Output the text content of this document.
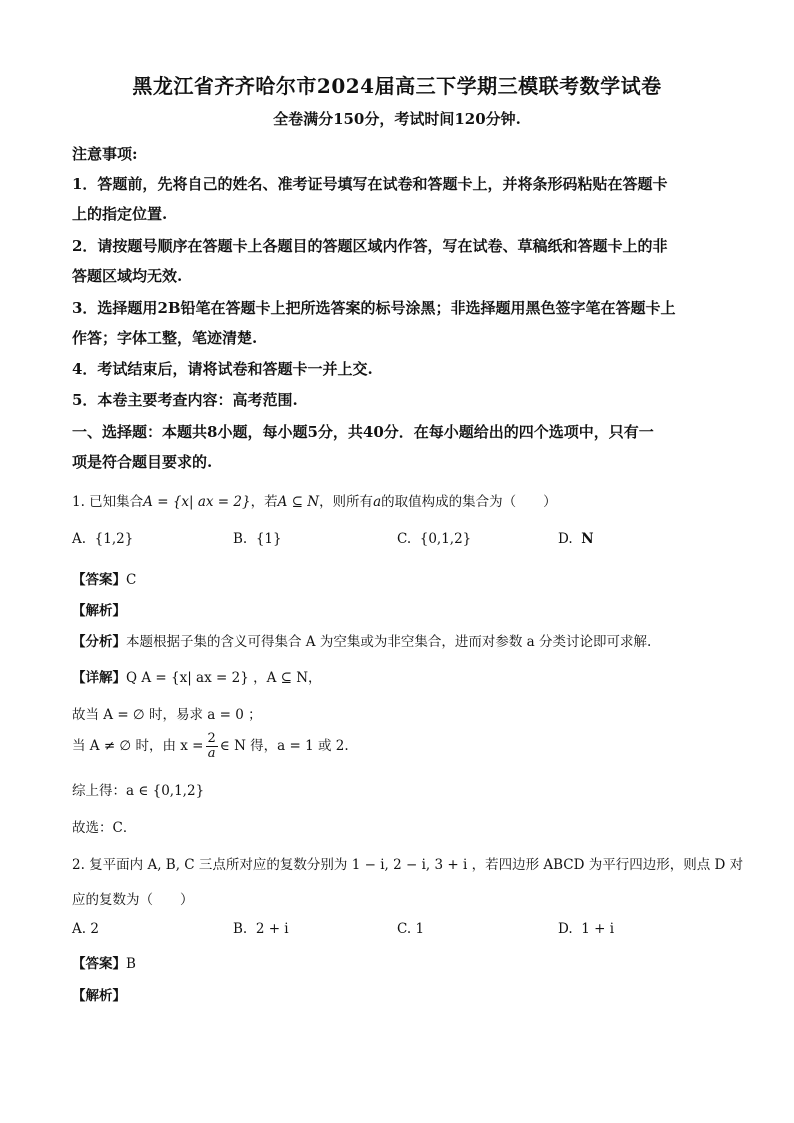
黑龙江省齐齐哈尔市2024届高三下学期三模联考数学试卷
全卷满分150分，考试时间120分钟.
注意事项:
1．答题前，先将自己的姓名、准考证号填写在试卷和答题卡上，并将条形码粘贴在答题卡
上的指定位置.
2．请按题号顺序在答题卡上各题目的答题区域内作答，写在试卷、草稿纸和答题卡上的非
答题区域均无效.
3．选择题用2B铅笔在答题卡上把所选答案的标号涂黑；非选择题用黑色签字笔在答题卡上
作答；字体工整，笔迹清楚.
4．考试结束后，请将试卷和答题卡一并上交.
5．本卷主要考查内容：高考范围.
一、选择题：本题共8小题，每小题5分，共40分．在每小题给出的四个选项中，只有一
项是符合题目要求的.
1. 已知集合A = {x| ax = 2}，若A ⊆ N，则所有a的取值构成的集合为（　　）
A. {1,2}	B. {1}	C. {0,1,2}	D. N
【答案】C
【解析】
【分析】本题根据子集的含义可得集合 A 为空集或为非空集合，进而对参数 a 分类讨论即可求解.
【详解】Q A = {x| ax = 2} ，A ⊆ N，
故当 A = ∅ 时，易求 a = 0 ；
当 A ≠ ∅ 时，由 $x = \frac{2}{a}$ ∈ N 得，a = 1 或 2.
综上得：a ∈ {0,1,2}
故选：C．
2. 复平面内 A, B, C 三点所对应的复数分别为 1 − i, 2 − i, 3 + i ，若四边形 ABCD 为平行四边形，则点 D 对
应的复数为（　　）
A. 2	B. 2 + i	C. 1	D. 1 + i
【答案】B
【解析】
